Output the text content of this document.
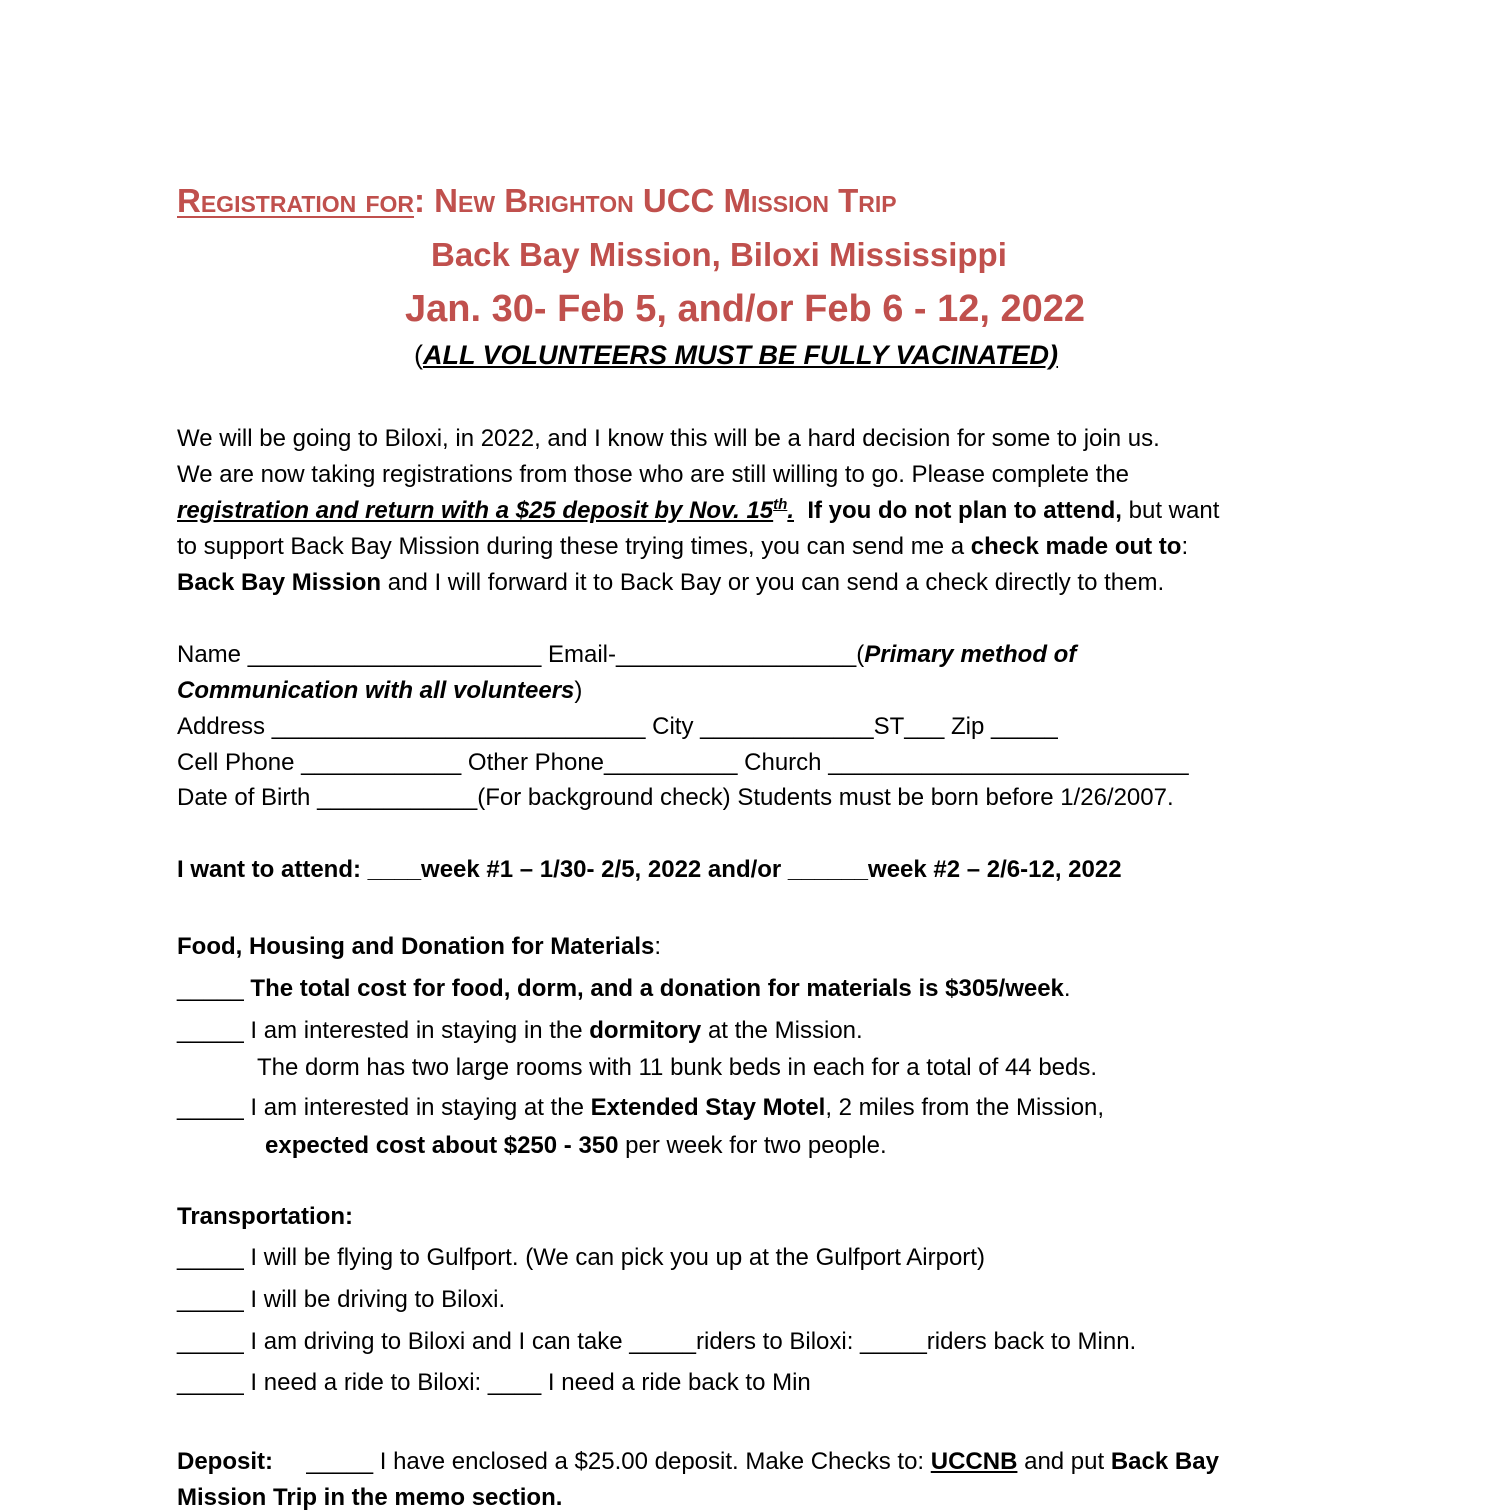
Registration for: New Brighton UCC Mission Trip
Back Bay Mission, Biloxi Mississippi
Jan. 30- Feb 5, and/or Feb 6 - 12, 2022
(ALL VOLUNTEERS MUST BE FULLY VACINATED)
We will be going to Biloxi, in 2022, and I know this will be a hard decision for some to join us.
We are now taking registrations from those who are still willing to go. Please complete the
registration and return with a $25 deposit by Nov. 15th. If you do not plan to attend, but want
to support Back Bay Mission during these trying times, you can send me a check made out to:
Back Bay Mission and I will forward it to Back Bay or you can send a check directly to them.
Name ______________________ Email-__________________(Primary method of
Communication with all volunteers)
Address ____________________________ City _____________ST___ Zip _____
Cell Phone ____________ Other Phone__________ Church ___________________________
Date of Birth ____________(For background check) Students must be born before 1/26/2007.
I want to attend: ____week #1 – 1/30- 2/5, 2022 and/or ______week #2 – 2/6-12, 2022
Food, Housing and Donation for Materials:
_____ The total cost for food, dorm, and a donation for materials is $305/week.
_____ I am interested in staying in the dormitory at the Mission.
The dorm has two large rooms with 11 bunk beds in each for a total of 44 beds.
_____ I am interested in staying at the Extended Stay Motel, 2 miles from the Mission,
expected cost about $250 - 350 per week for two people.
Transportation:
_____ I will be flying to Gulfport. (We can pick you up at the Gulfport Airport)
_____ I will be driving to Biloxi.
_____ I am driving to Biloxi and I can take _____riders to Biloxi: _____riders back to Minn.
_____ I need a ride to Biloxi: ____ I need a ride back to Min
Deposit:     _____ I have enclosed a $25.00 deposit. Make Checks to: UCCNB and put Back Bay
Mission Trip in the memo section.
